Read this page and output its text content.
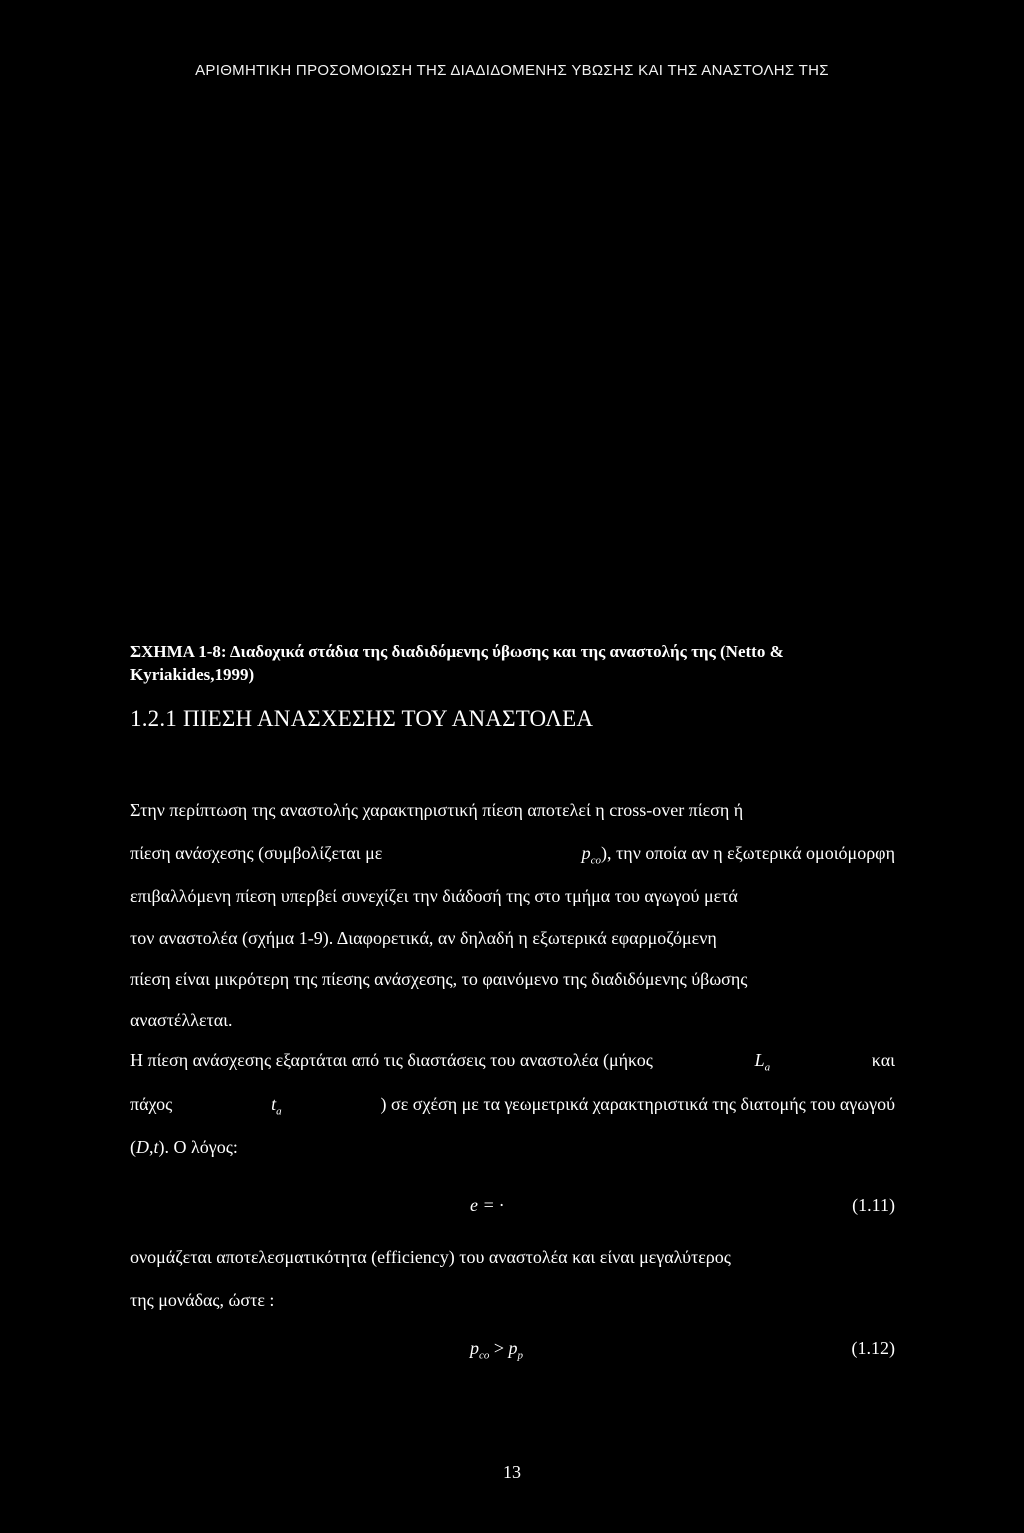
ΑΡΙΘΜΗΤΙΚΗ ΠΡΟΣΟΜΟΙΩΣΗ ΤΗΣ ΔΙΑΔΙΔΟΜΕΝΗΣ ΥΒΩΣΗΣ ΚΑΙ ΤΗΣ ΑΝΑΣΤΟΛΗΣ ΤΗΣ
ΣΧΗΜΑ 1-8: Διαδοχικά στάδια της διαδιδόμενης ύβωσης και της αναστολής της (Netto &
Kyriakides,1999)
1.2.1 ΠΙΕΣΗ ΑΝΑΣΧΕΣΗΣ ΤΟΥ ΑΝΑΣΤΟΛΕΑ
Στην περίπτωση της αναστολής χαρακτηριστική πίεση αποτελεί η cross-over πίεση ή
πίεση ανάσχεσης (συμβολίζεται με	$p_{co}$), την οποία αν η εξωτερικά ομοιόμορφη
επιβαλλόμενη πίεση υπερβεί συνεχίζει την διάδοσή της στο τμήμα του αγωγού μετά
τον αναστολέα (σχήμα 1-9). Διαφορετικά, αν δηλαδή η εξωτερικά εφαρμοζόμενη
πίεση είναι μικρότερη της πίεσης ανάσχεσης, το φαινόμενο της διαδιδόμενης ύβωσης
αναστέλλεται.
Η πίεση ανάσχεσης εξαρτάται από τις διαστάσεις του αναστολέα (μήκος	$L_a$	και
πάχος	$t_a$	) σε σχέση με τα γεωμετρικά χαρακτηριστικά της διατομής του αγωγού
(D,t). Ο λόγος:
e = ·	(1.11)
ονομάζεται αποτελεσματικότητα (efficiency) του αναστολέα και είναι μεγαλύτερος
της μονάδας, ώστε :
$p_{co} > p_p$	(1.12)
13
